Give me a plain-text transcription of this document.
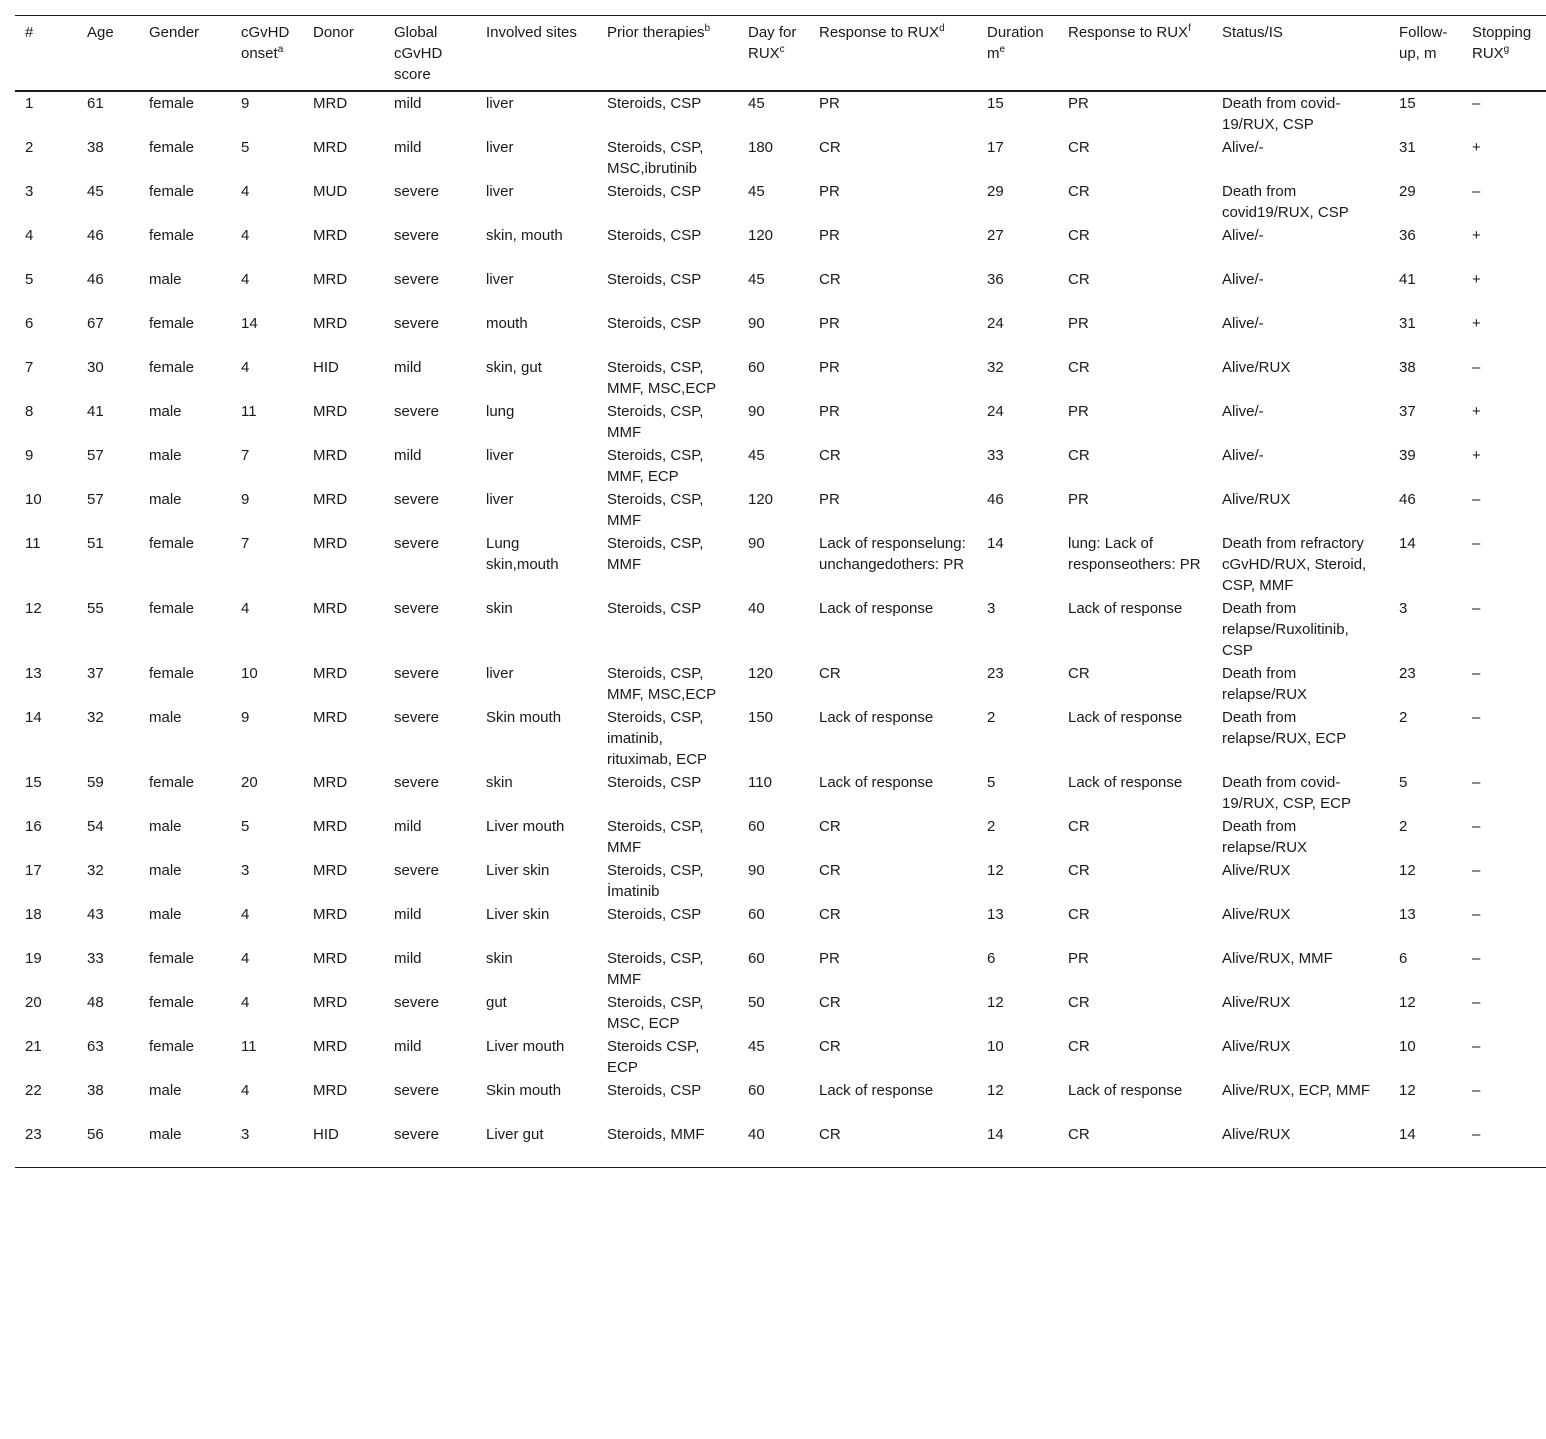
#	Age	Gender	cGvHD onset$^a$	Donor	Global cGvHD score	Involved sites	Prior therapies$^b$	Day for RUX$^c$	Response to RUX$^d$	Duration $m^e$	Response to RUX$^f$	Status/IS	Follow-up, m	Stopping RUX$^g$
1	61	female	9	MRD	mild	liver	Steroids, CSP	45	PR	15	PR	Death from covid-19/RUX, CSP	15	–
2	38	female	5	MRD	mild	liver	Steroids, CSP, MSC,ibrutinib	180	CR	17	CR	Alive/-	31	+
3	45	female	4	MUD	severe	liver	Steroids, CSP	45	PR	29	CR	Death from covid19/RUX, CSP	29	–
4	46	female	4	MRD	severe	skin, mouth	Steroids, CSP	120	PR	27	CR	Alive/-	36	+
5	46	male	4	MRD	severe	liver	Steroids, CSP	45	CR	36	CR	Alive/-	41	+
6	67	female	14	MRD	severe	mouth	Steroids, CSP	90	PR	24	PR	Alive/-	31	+
7	30	female	4	HID	mild	skin, gut	Steroids, CSP, MMF, MSC,ECP	60	PR	32	CR	Alive/RUX	38	–
8	41	male	11	MRD	severe	lung	Steroids, CSP, MMF	90	PR	24	PR	Alive/-	37	+
9	57	male	7	MRD	mild	liver	Steroids, CSP, MMF, ECP	45	CR	33	CR	Alive/-	39	+
10	57	male	9	MRD	severe	liver	Steroids, CSP, MMF	120	PR	46	PR	Alive/RUX	46	–
11	51	female	7	MRD	severe	Lung skin,mouth	Steroids, CSP, MMF	90	Lack of responselung: unchangedothers: PR	14	lung: Lack of responseothers: PR	Death from refractory cGvHD/RUX, Steroid, CSP, MMF	14	–
12	55	female	4	MRD	severe	skin	Steroids, CSP	40	Lack of response	3	Lack of response	Death from relapse/Ruxolitinib, CSP	3	–
13	37	female	10	MRD	severe	liver	Steroids, CSP, MMF, MSC,ECP	120	CR	23	CR	Death from relapse/RUX	23	–
14	32	male	9	MRD	severe	Skin mouth	Steroids, CSP, imatinib, rituximab, ECP	150	Lack of response	2	Lack of response	Death from relapse/RUX, ECP	2	–
15	59	female	20	MRD	severe	skin	Steroids, CSP	110	Lack of response	5	Lack of response	Death from covid-19/RUX, CSP, ECP	5	–
16	54	male	5	MRD	mild	Liver mouth	Steroids, CSP, MMF	60	CR	2	CR	Death from relapse/RUX	2	–
17	32	male	3	MRD	severe	Liver skin	Steroids, CSP, İmatinib	90	CR	12	CR	Alive/RUX	12	–
18	43	male	4	MRD	mild	Liver skin	Steroids, CSP	60	CR	13	CR	Alive/RUX	13	–
19	33	female	4	MRD	mild	skin	Steroids, CSP, MMF	60	PR	6	PR	Alive/RUX, MMF	6	–
20	48	female	4	MRD	severe	gut	Steroids, CSP, MSC, ECP	50	CR	12	CR	Alive/RUX	12	–
21	63	female	11	MRD	mild	Liver mouth	Steroids CSP, ECP	45	CR	10	CR	Alive/RUX	10	–
22	38	male	4	MRD	severe	Skin mouth	Steroids, CSP	60	Lack of response	12	Lack of response	Alive/RUX, ECP, MMF	12	–
23	56	male	3	HID	severe	Liver gut	Steroids, MMF	40	CR	14	CR	Alive/RUX	14	–
